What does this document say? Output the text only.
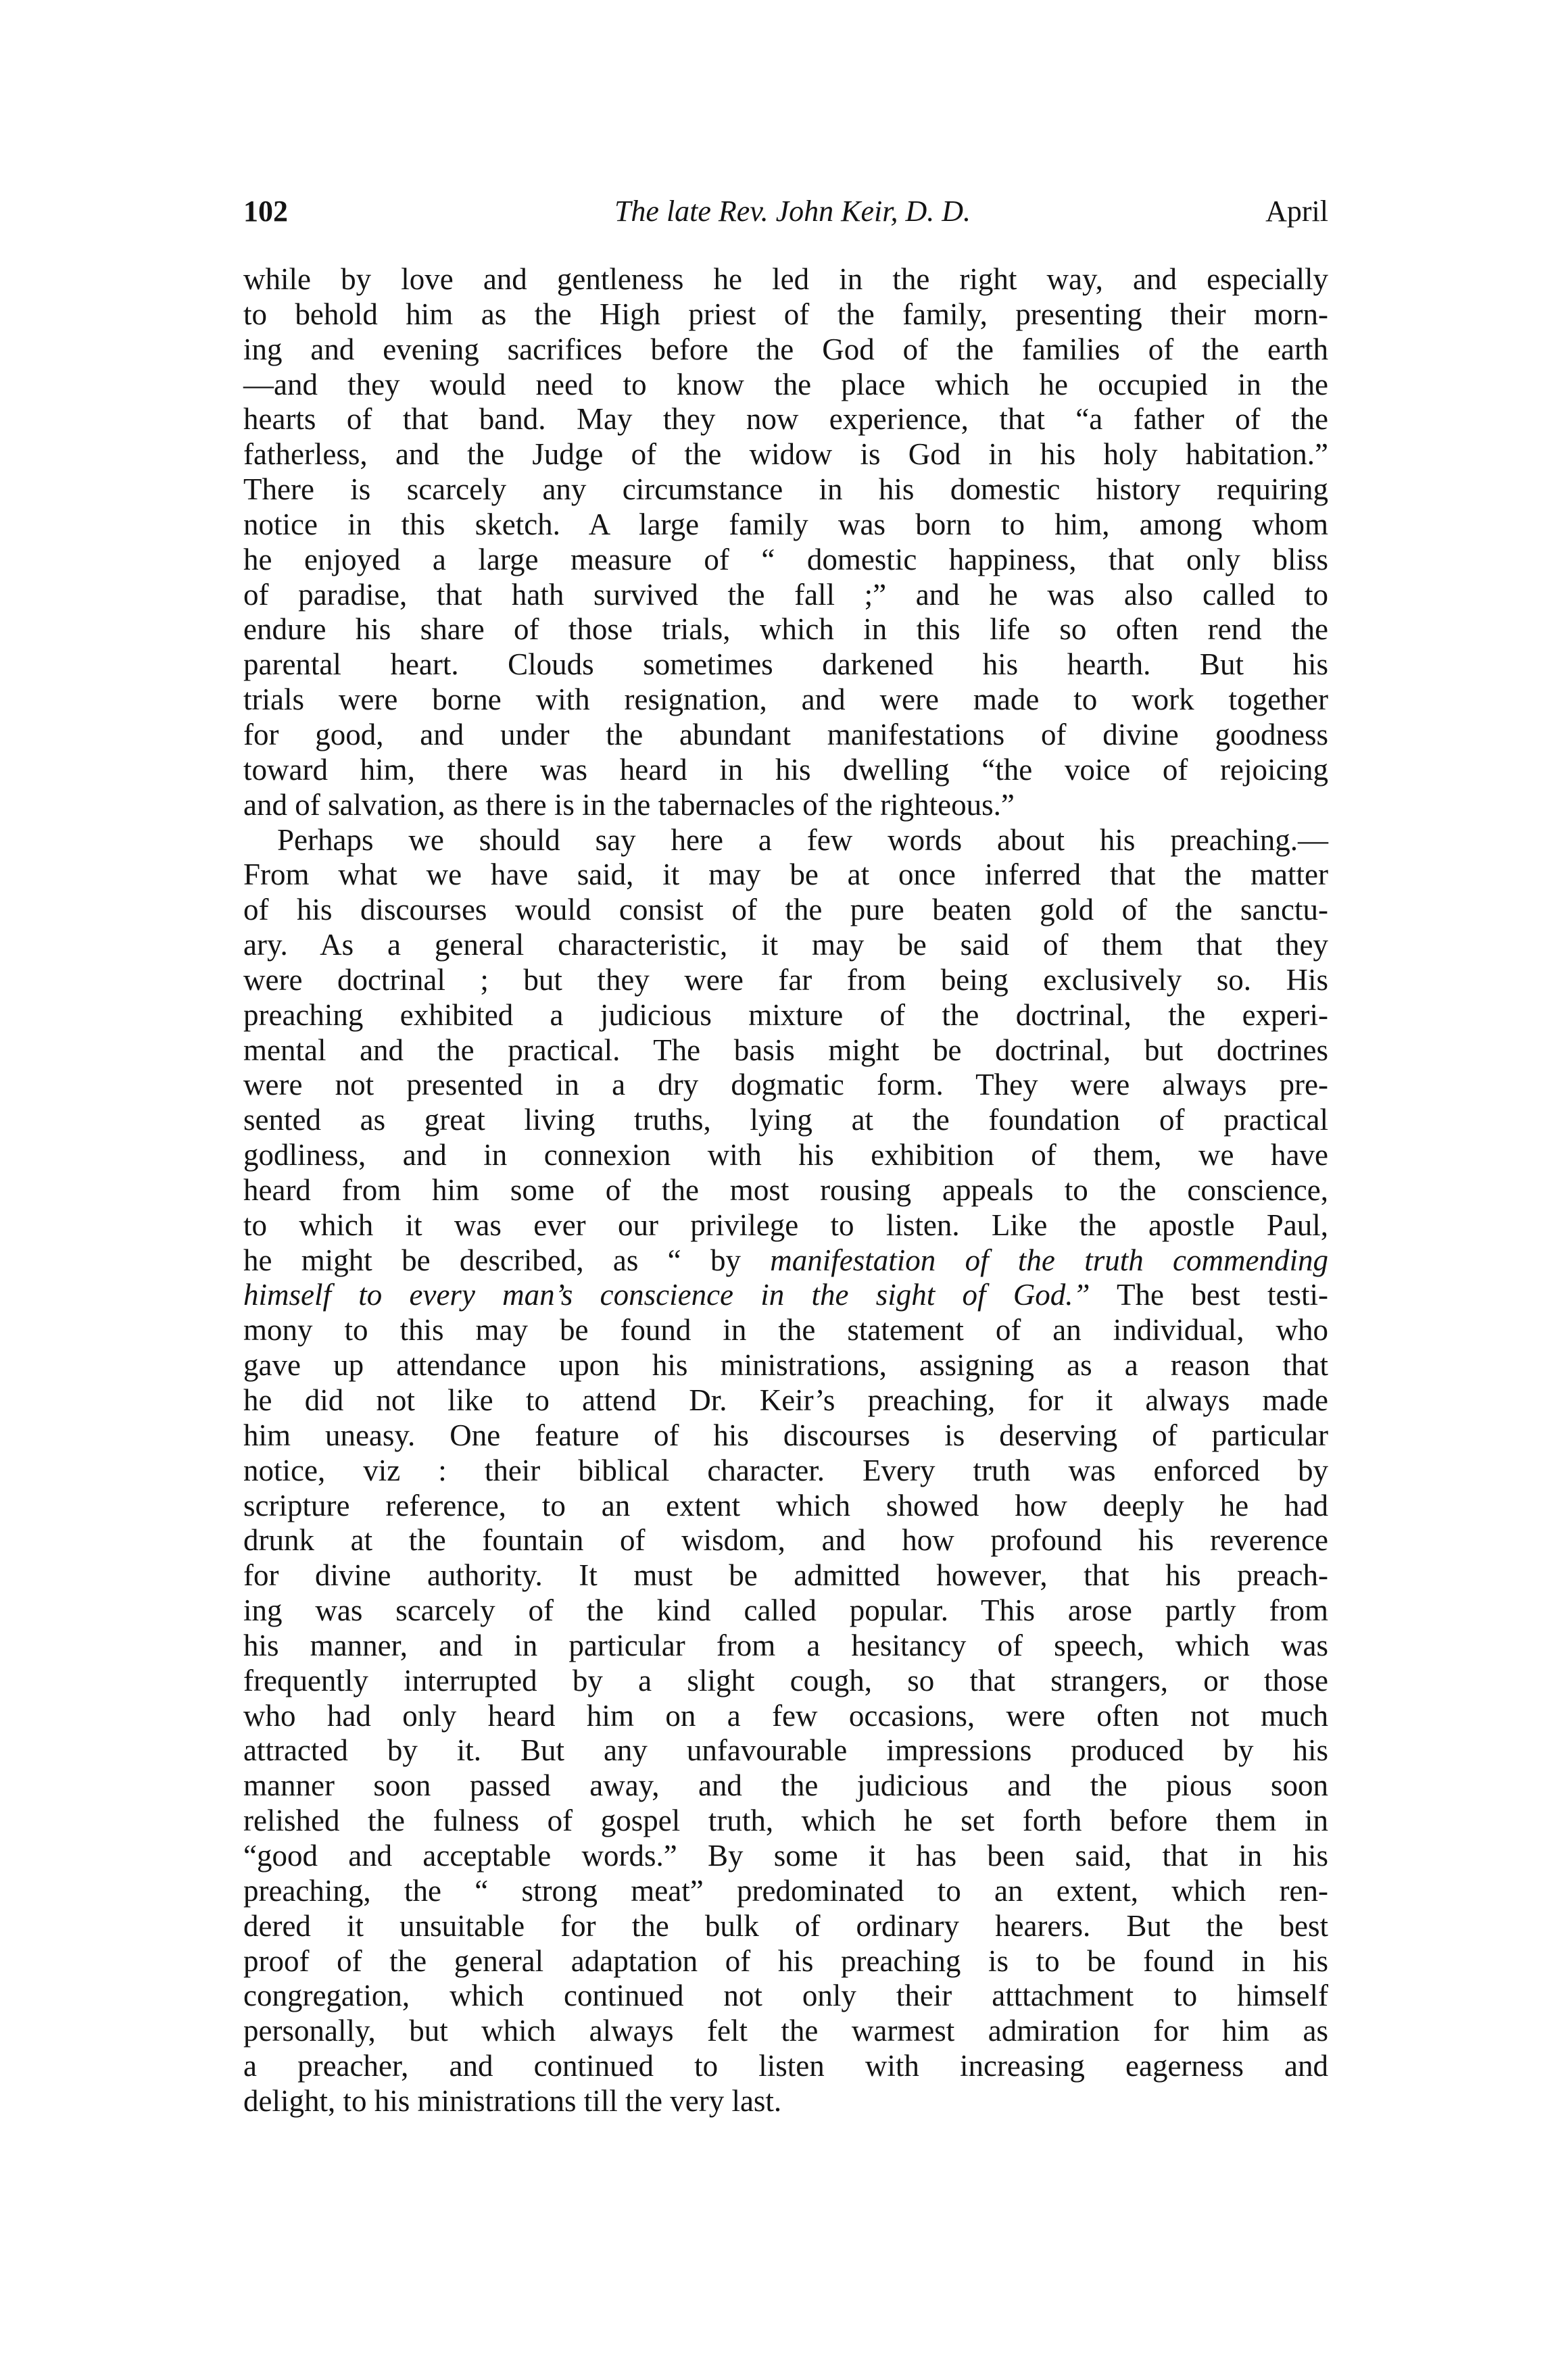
102	The late Rev. John Keir, D. D.	April
while by love and gentleness he led in the right way, and especially
to behold him as the High priest of the family, presenting their morn-
ing and evening sacrifices before the God of the families of the earth
—and they would need to know the place which he occupied in the
hearts of that band. May they now experience, that “a father of the
fatherless, and the Judge of the widow is God in his holy habitation.”
There is scarcely any circumstance in his domestic history requiring
notice in this sketch. A large family was born to him, among whom
he enjoyed a large measure of “ domestic happiness, that only bliss
of paradise, that hath survived the fall ;” and he was also called to
endure his share of those trials, which in this life so often rend the
parental heart. Clouds sometimes darkened his hearth. But his
trials were borne with resignation, and were made to work together
for good, and under the abundant manifestations of divine goodness
toward him, there was heard in his dwelling “the voice of rejoicing
and of salvation, as there is in the tabernacles of the righteous.”
Perhaps we should say here a few words about his preaching.—
From what we have said, it may be at once inferred that the matter
of his discourses would consist of the pure beaten gold of the sanctu-
ary. As a general characteristic, it may be said of them that they
were doctrinal ; but they were far from being exclusively so. His
preaching exhibited a judicious mixture of the doctrinal, the experi-
mental and the practical. The basis might be doctrinal, but doctrines
were not presented in a dry dogmatic form. They were always pre-
sented as great living truths, lying at the foundation of practical
godliness, and in connexion with his exhibition of them, we have
heard from him some of the most rousing appeals to the conscience,
to which it was ever our privilege to listen. Like the apostle Paul,
he might be described, as “ by manifestation of the truth commending
himself to every man’s conscience in the sight of God.” The best testi-
mony to this may be found in the statement of an individual, who
gave up attendance upon his ministrations, assigning as a reason that
he did not like to attend Dr. Keir’s preaching, for it always made
him uneasy. One feature of his discourses is deserving of particular
notice, viz : their biblical character. Every truth was enforced by
scripture reference, to an extent which showed how deeply he had
drunk at the fountain of wisdom, and how profound his reverence
for divine authority. It must be admitted however, that his preach-
ing was scarcely of the kind called popular. This arose partly from
his manner, and in particular from a hesitancy of speech, which was
frequently interrupted by a slight cough, so that strangers, or those
who had only heard him on a few occasions, were often not much
attracted by it. But any unfavourable impressions produced by his
manner soon passed away, and the judicious and the pious soon
relished the fulness of gospel truth, which he set forth before them in
“good and acceptable words.” By some it has been said, that in his
preaching, the “ strong meat” predominated to an extent, which ren-
dered it unsuitable for the bulk of ordinary hearers. But the best
proof of the general adaptation of his preaching is to be found in his
congregation, which continued not only their atttachment to himself
personally, but which always felt the warmest admiration for him as
a preacher, and continued to listen with increasing eagerness and
delight, to his ministrations till the very last.
